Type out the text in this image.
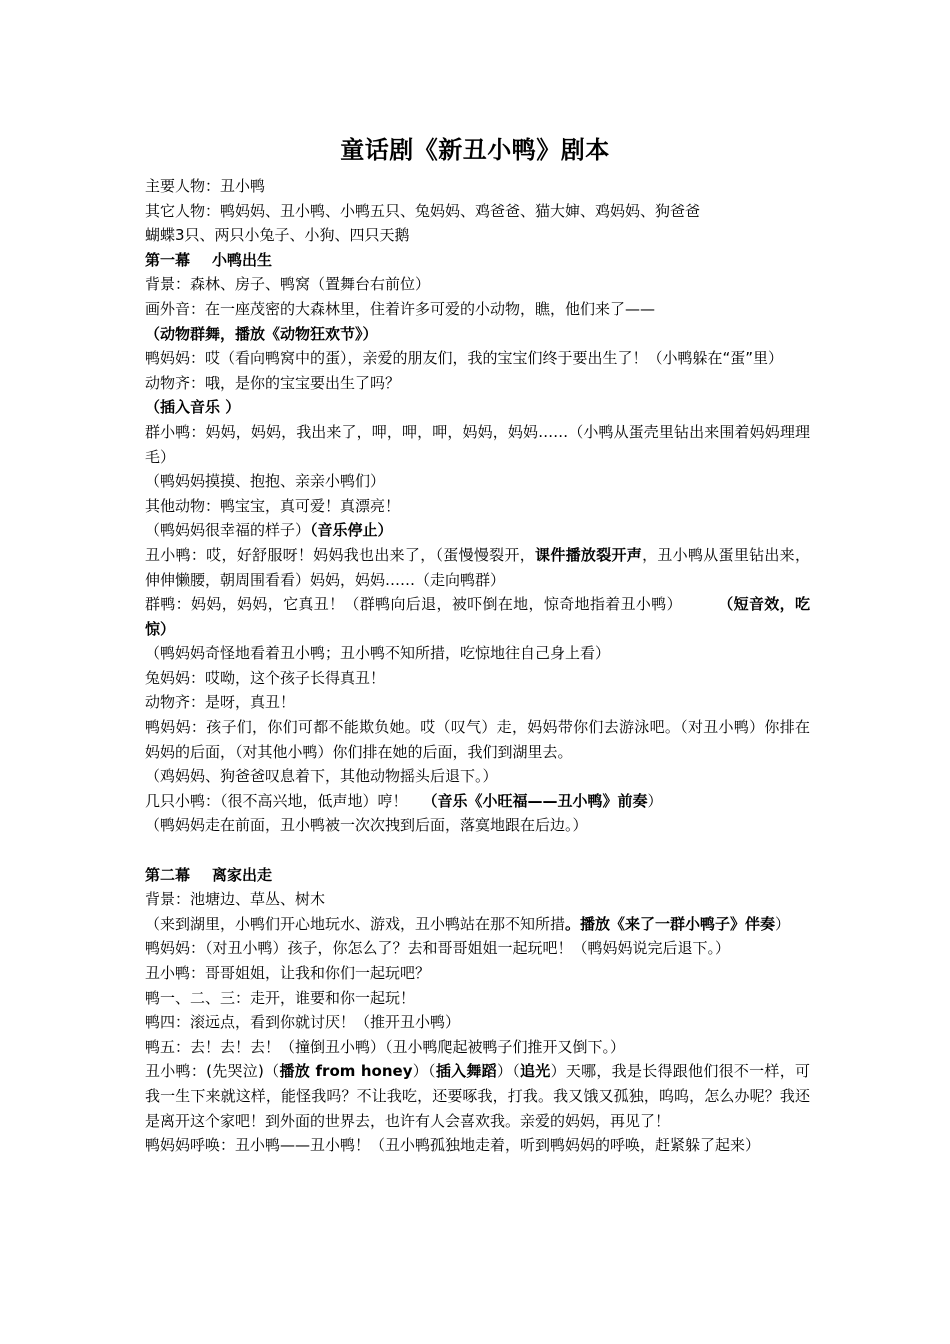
童话剧《新丑小鸭》剧本

主要人物：丑小鸭

其它人物：鸭妈妈、丑小鸭、小鸭五只、兔妈妈、鸡爸爸、猫大婶、鸡妈妈、狗爸爸

蝴蝶3只、两只小兔子、小狗、四只天鹅

第一幕 小鸭出生

背景：森林、房子、鸭窝（置舞台右前位）

画外音：在一座茂密的大森林里，住着许多可爱的小动物，瞧，他们来了——

（动物群舞，播放《动物狂欢节》）

鸭妈妈：哎（看向鸭窝中的蛋），亲爱的朋友们，我的宝宝们终于要出生了！（小鸭躲在“蛋”里）

动物齐：哦，是你的宝宝要出生了吗？

（插入音乐 ）

群小鸭：妈妈，妈妈，我出来了，呷，呷，呷，妈妈，妈妈……（小鸭从蛋壳里钻出来围着妈妈理理毛）

（鸭妈妈摸摸、抱抱、亲亲小鸭们）

其他动物：鸭宝宝，真可爱！真漂亮！

（鸭妈妈很幸福的样子）（音乐停止）

丑小鸭：哎，好舒服呀！妈妈我也出来了，（蛋慢慢裂开，课件播放裂开声，丑小鸭从蛋里钻出来，伸伸懒腰，朝周围看看）妈妈，妈妈……（走向鸭群）

群鸭：妈妈，妈妈，它真丑！（群鸭向后退，被吓倒在地，惊奇地指着丑小鸭） （短音效，吃惊）

（鸭妈妈奇怪地看着丑小鸭；丑小鸭不知所措，吃惊地往自己身上看）

兔妈妈：哎呦，这个孩子长得真丑！

动物齐：是呀，真丑！

鸭妈妈：孩子们，你们可都不能欺负她。哎（叹气）走，妈妈带你们去游泳吧。（对丑小鸭）你排在妈妈的后面，（对其他小鸭）你们排在她的后面，我们到湖里去。

（鸡妈妈、狗爸爸叹息着下，其他动物摇头后退下。）

几只小鸭：（很不高兴地，低声地）哼！ （音乐《小旺福——丑小鸭》前奏）

（鸭妈妈走在前面，丑小鸭被一次次拽到后面，落寞地跟在后边。）

第二幕 离家出走

背景：池塘边、草丛、树木

（来到湖里，小鸭们开心地玩水、游戏，丑小鸭站在那不知所措。播放《来了一群小鸭子》伴奏）

鸭妈妈：（对丑小鸭）孩子，你怎么了？去和哥哥姐姐一起玩吧！（鸭妈妈说完后退下。）

丑小鸭：哥哥姐姐，让我和你们一起玩吧？

鸭一、二、三：走开，谁要和你一起玩！

鸭四：滚远点，看到你就讨厌！（推开丑小鸭）

鸭五：去！去！去！（撞倒丑小鸭）（丑小鸭爬起被鸭子们推开又倒下。）

丑小鸭：(先哭泣)（播放 from honey）（插入舞蹈）（追光）天哪，我是长得跟他们很不一样，可我一生下来就这样，能怪我吗？不让我吃，还要啄我，打我。我又饿又孤独，呜呜，怎么办呢？我还是离开这个家吧！到外面的世界去，也许有人会喜欢我。亲爱的妈妈，再见了！

鸭妈妈呼唤：丑小鸭——丑小鸭！（丑小鸭孤独地走着，听到鸭妈妈的呼唤，赶紧躲了起来）
